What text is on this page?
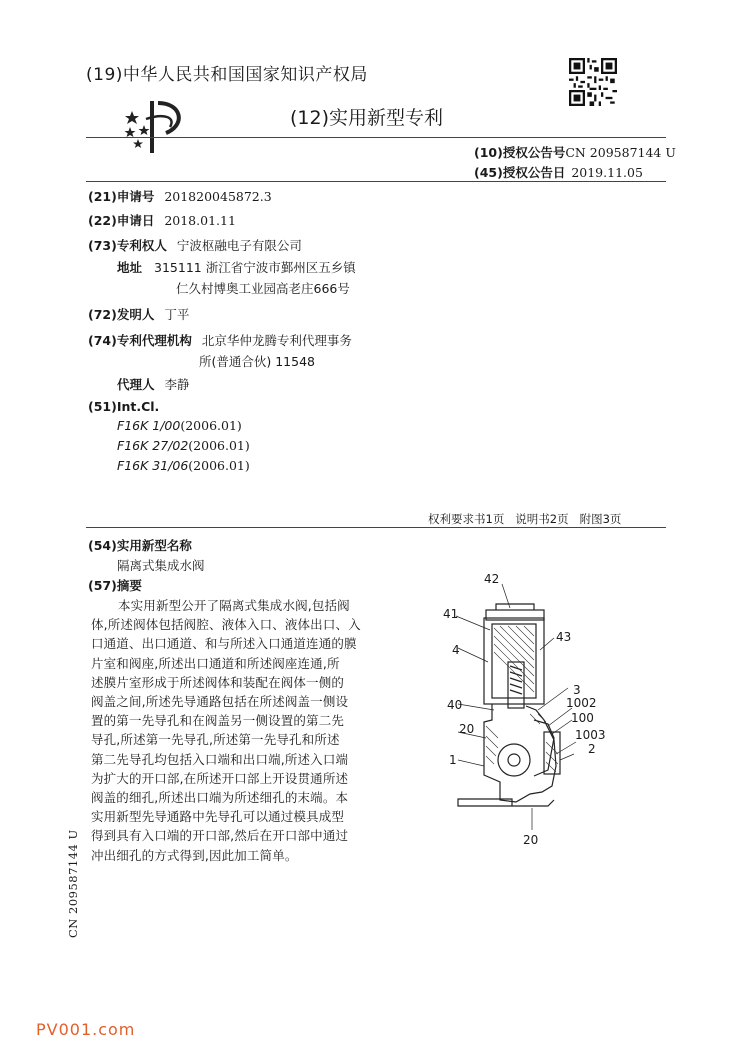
(19)中华人民共和国国家知识产权局
(12)实用新型专利
(10)授权公告号CN 209587144 U
(45)授权公告日 2019.11.05
(21)申请号 201820045872.3
(22)申请日 2018.01.11
(73)专利权人 宁波枢融电子有限公司
地址 315111 浙江省宁波市鄞州区五乡镇
仁久村博奥工业园高老庄666号
(72)发明人 丁平
(74)专利代理机构 北京华仲龙腾专利代理事务
所(普通合伙) 11548
代理人 李静
(51)Int.Cl.
F16K 1/00(2006.01)
F16K 27/02(2006.01)
F16K 31/06(2006.01)
权利要求书1页   说明书2页   附图3页
(54)实用新型名称
隔离式集成水阀
(57)摘要

本实用新型公开了隔离式集成水阀,包括阀

体,所述阀体包括阀腔、液体入口、液体出口、入

口通道、出口通道、和与所述入口通道连通的膜

片室和阀座,所述出口通道和所述阀座连通,所

述膜片室形成于所述阀体和装配在阀体一侧的

阀盖之间,所述先导通路包括在所述阀盖一侧设

置的第一先导孔和在阀盖另一侧设置的第二先

导孔,所述第一先导孔,所述第一先导孔和所述

第二先导孔均包括入口端和出口端,所述入口端

为扩大的开口部,在所述开口部上开设贯通所述

阀盖的细孔,所述出口端为所述细孔的末端。本

实用新型先导通路中先导孔可以通过模具成型

得到具有入口端的开口部,然后在开口部中通过

冲出细孔的方式得到,因此加工简单。

42
41
43
4
3
40	1002
100
20	1003
2
1
20
CN 209587144 U
PV001.com
